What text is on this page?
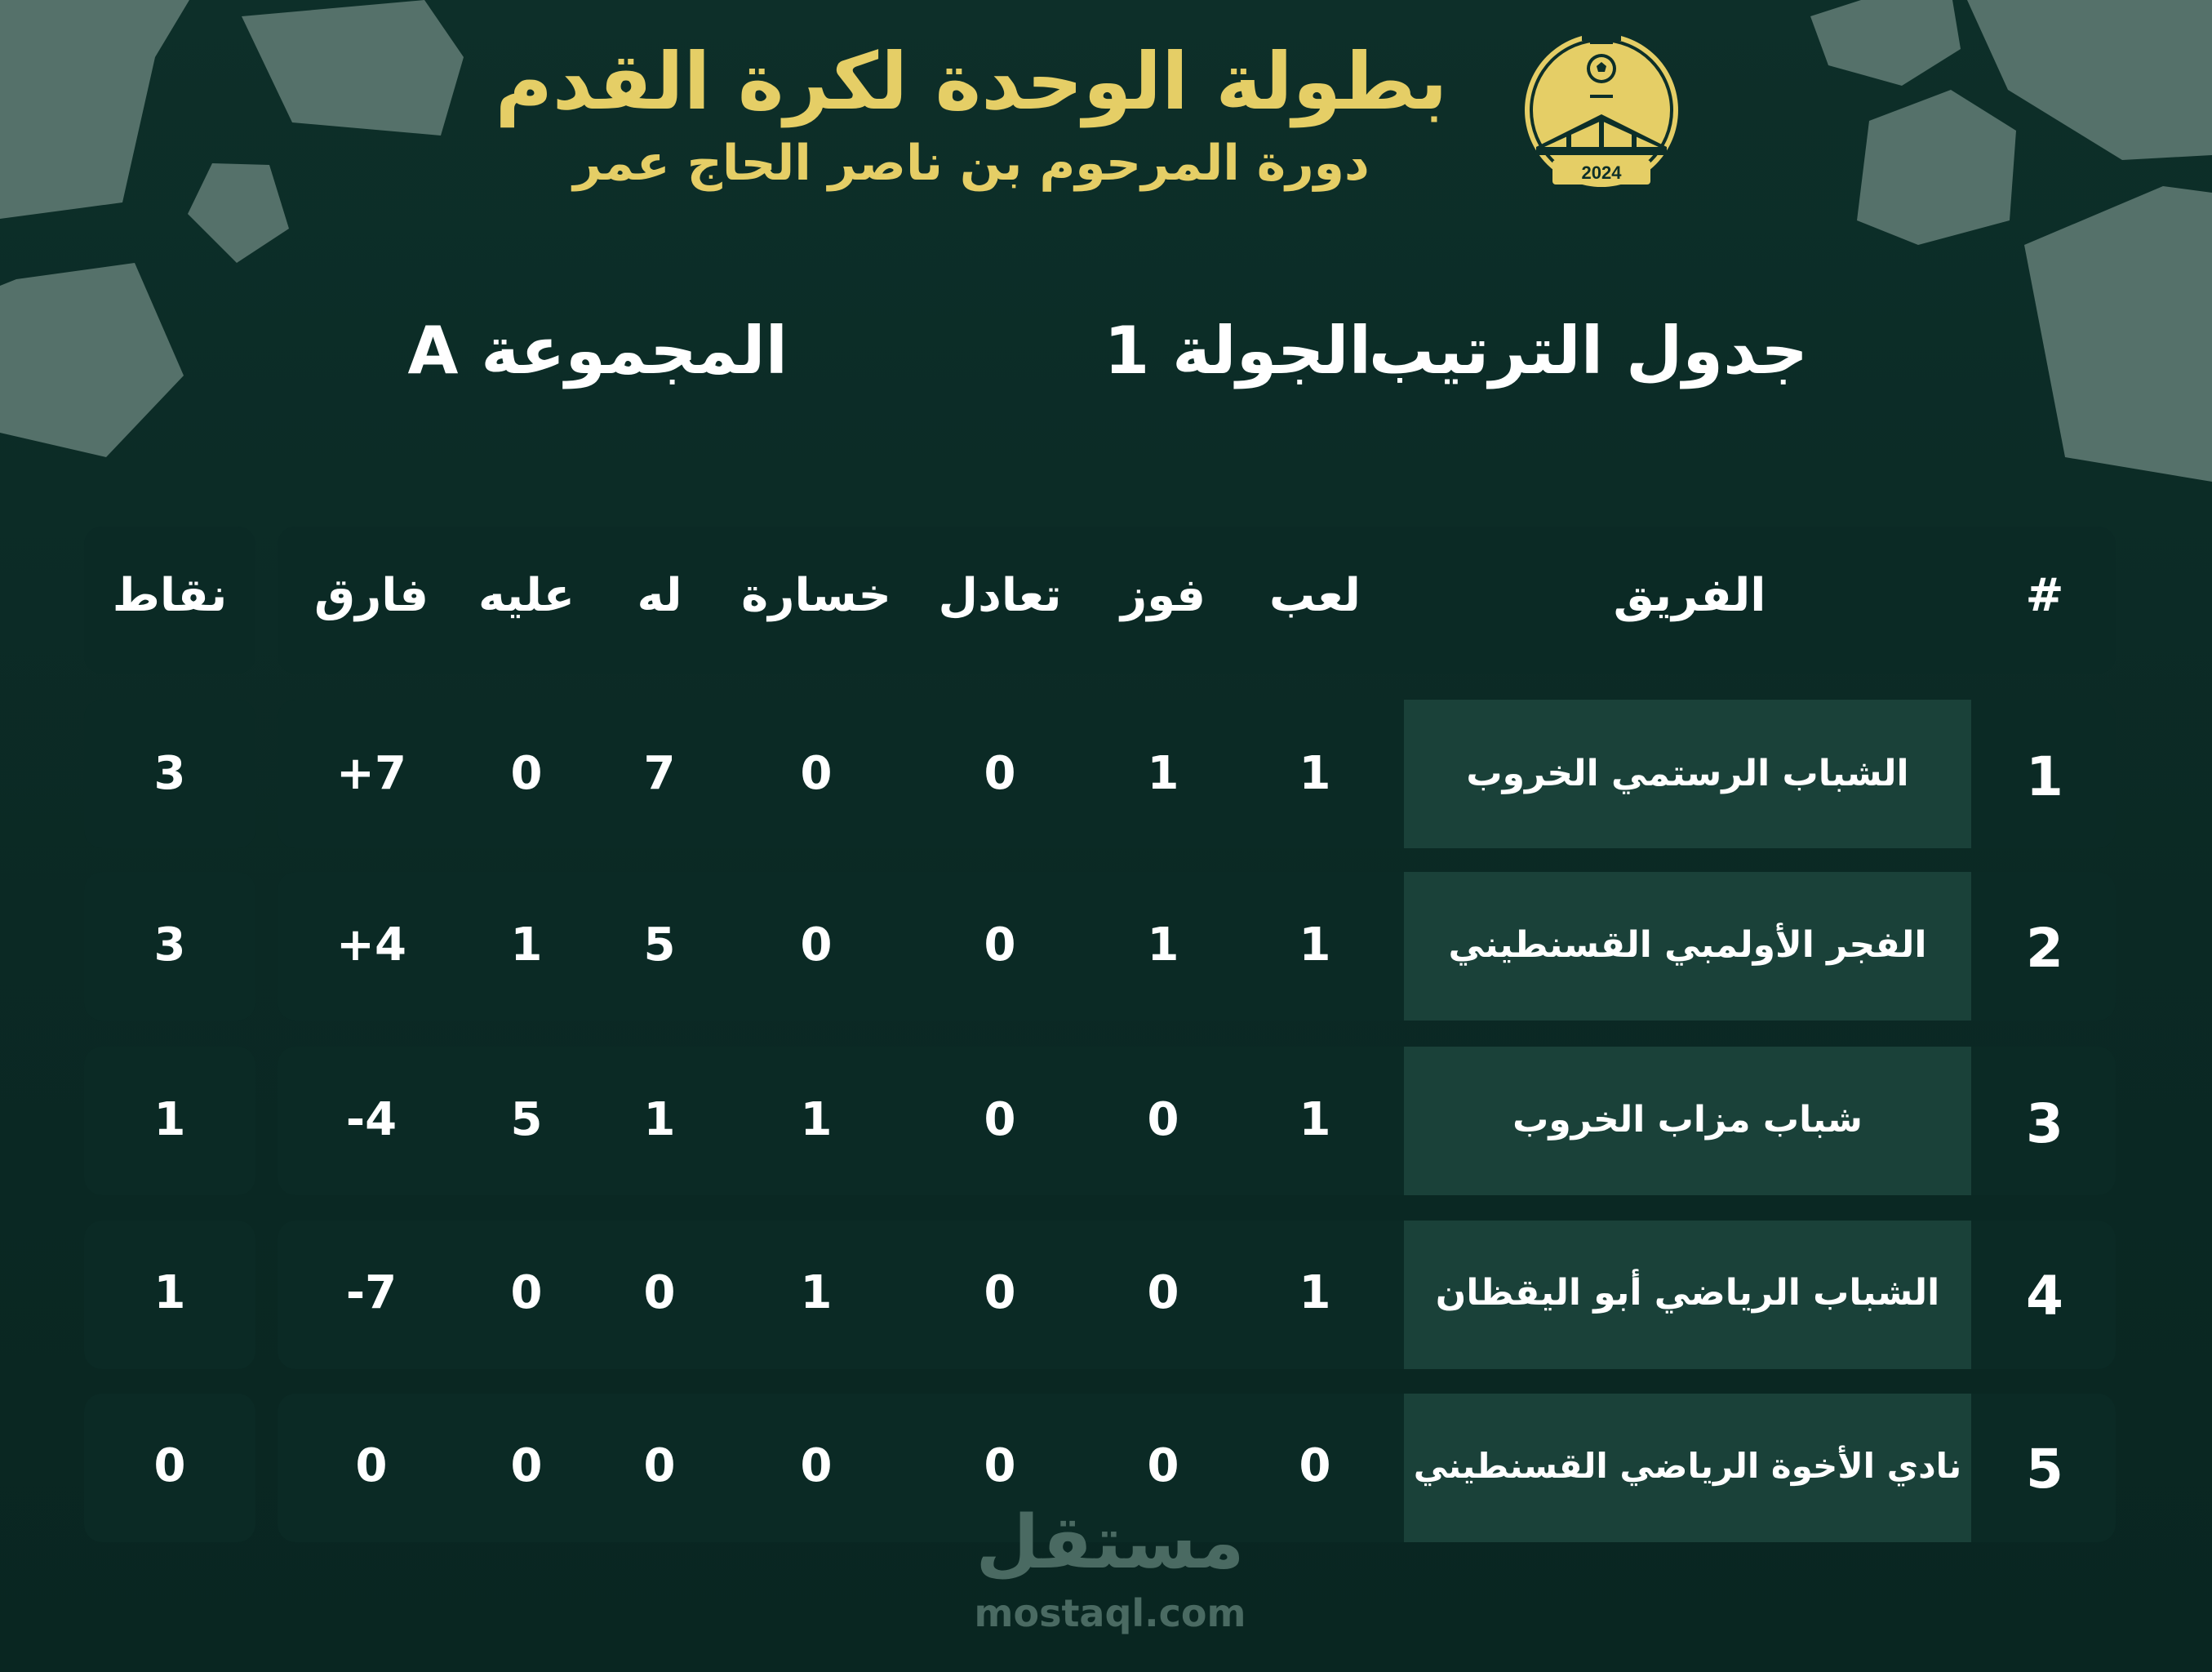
بطولة الوحدة لكرة القدم
دورة المرحوم بن ناصر الحاج عمر	2024
جدول الترتيب
الجولة 1
المجموعة A
#
الفريق
لعب
فوز
تعادل
خسارة
له
عليه
فارق
نقاط
1
الشباب الرستمي الخروب
1
1
0
0
7
0
+7
3
2
الفجر الأولمبي القسنطيني
1
1
0
0
5
1
+4
3
3
شباب مزاب الخروب
1
0
0
1
1
5
-4
1
4
الشباب الرياضي أبو اليقظان
1
0
0
1
0
0
-7
1
5
نادي الأخوة الرياضي القسنطيني
0
0
0
0
0
0
0
0
مستقل
mostaql.com
